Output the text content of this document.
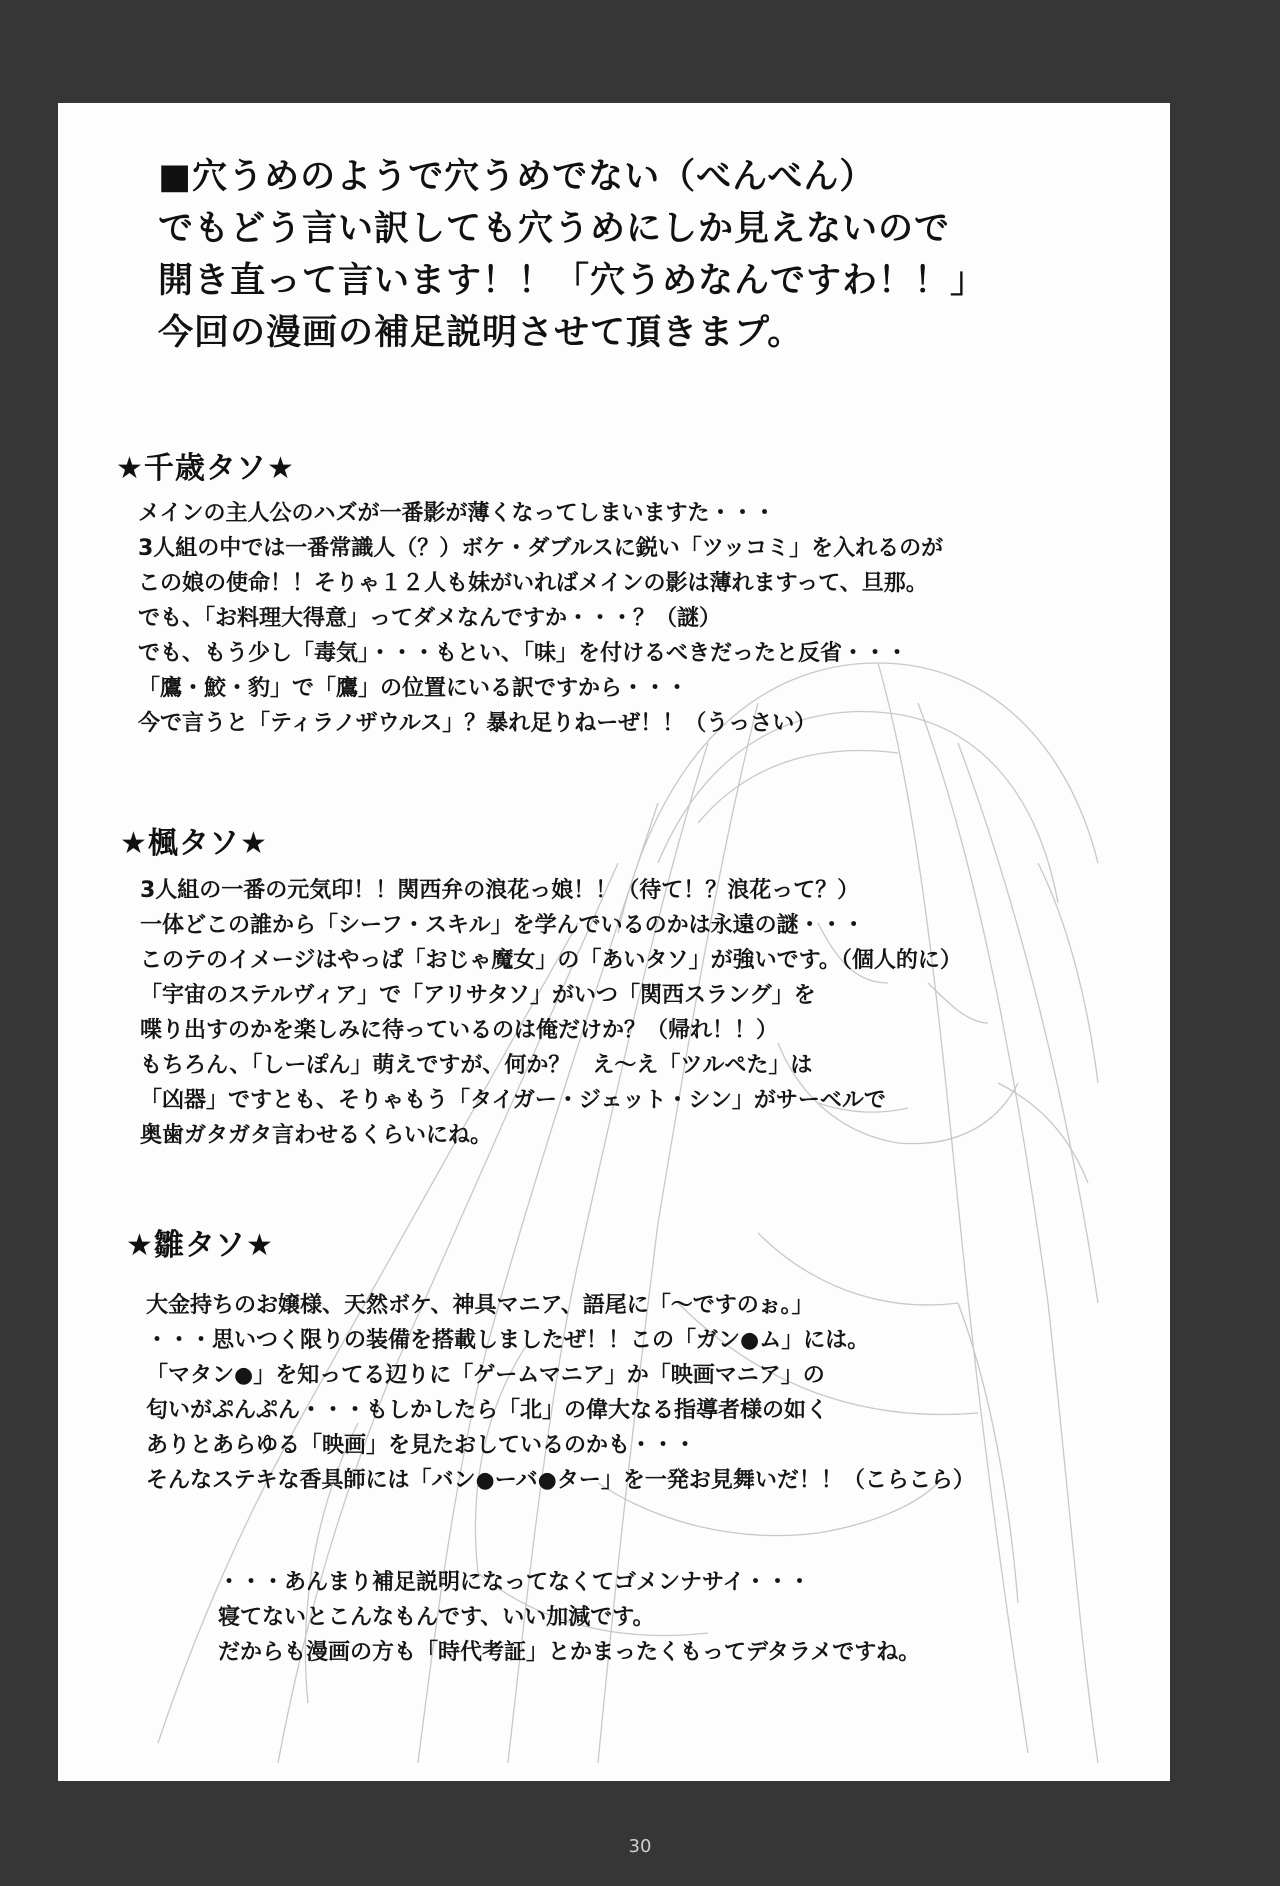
■穴うめのようで穴うめでない（べんべん）
でもどう言い訳しても穴うめにしか見えないので
開き直って言います！！「穴うめなんですわ！！」
今回の漫画の補足説明させて頂きまプ。
★千歳タソ★
メインの主人公のハズが一番影が薄くなってしまいますた・・・
3人組の中では一番常識人（？）ボケ・ダブルスに鋭い「ツッコミ」を入れるのが
この娘の使命！！そりゃ１２人も妹がいればメインの影は薄れますって、旦那。
でも、「お料理大得意」ってダメなんですか・・・？（謎）
でも、もう少し「毒気」・・・もとい、「味」を付けるべきだったと反省・・・
「鷹・鮫・豹」で「鷹」の位置にいる訳ですから・・・
今で言うと「ティラノザウルス」？暴れ足りねーぜ！！（うっさい）
★楓タソ★
3人組の一番の元気印！！関西弁の浪花っ娘！！（待て！？浪花って？）
一体どこの誰から「シーフ・スキル」を学んでいるのかは永遠の謎・・・
このテのイメージはやっぱ「おじゃ魔女」の「あいタソ」が強いです。（個人的に）
「宇宙のステルヴィア」で「アリサタソ」がいつ「関西スラング」を
喋り出すのかを楽しみに待っているのは俺だけか？（帰れ！！）
もちろん、「しーぽん」萌えですが、何か？　え～え「ツルペた」は
「凶器」ですとも、そりゃもう「タイガー・ジェット・シン」がサーベルで
奥歯ガタガタ言わせるくらいにね。
★雛タソ★
大金持ちのお嬢様、天然ボケ、神具マニア、語尾に「～ですのぉ。」
・・・思いつく限りの装備を搭載しましたぜ！！この「ガン●ム」には。
「マタン●」を知ってる辺りに「ゲームマニア」か「映画マニア」の
匂いがぷんぷん・・・もしかしたら「北」の偉大なる指導者様の如く
ありとあらゆる「映画」を見たおしているのかも・・・
そんなステキな香具師には「バン●ーバ●ター」を一発お見舞いだ！！（こらこら）
・・・あんまり補足説明になってなくてゴメンナサイ・・・
寝てないとこんなもんです、いい加減です。
だからも漫画の方も「時代考証」とかまったくもってデタラメですね。
30
